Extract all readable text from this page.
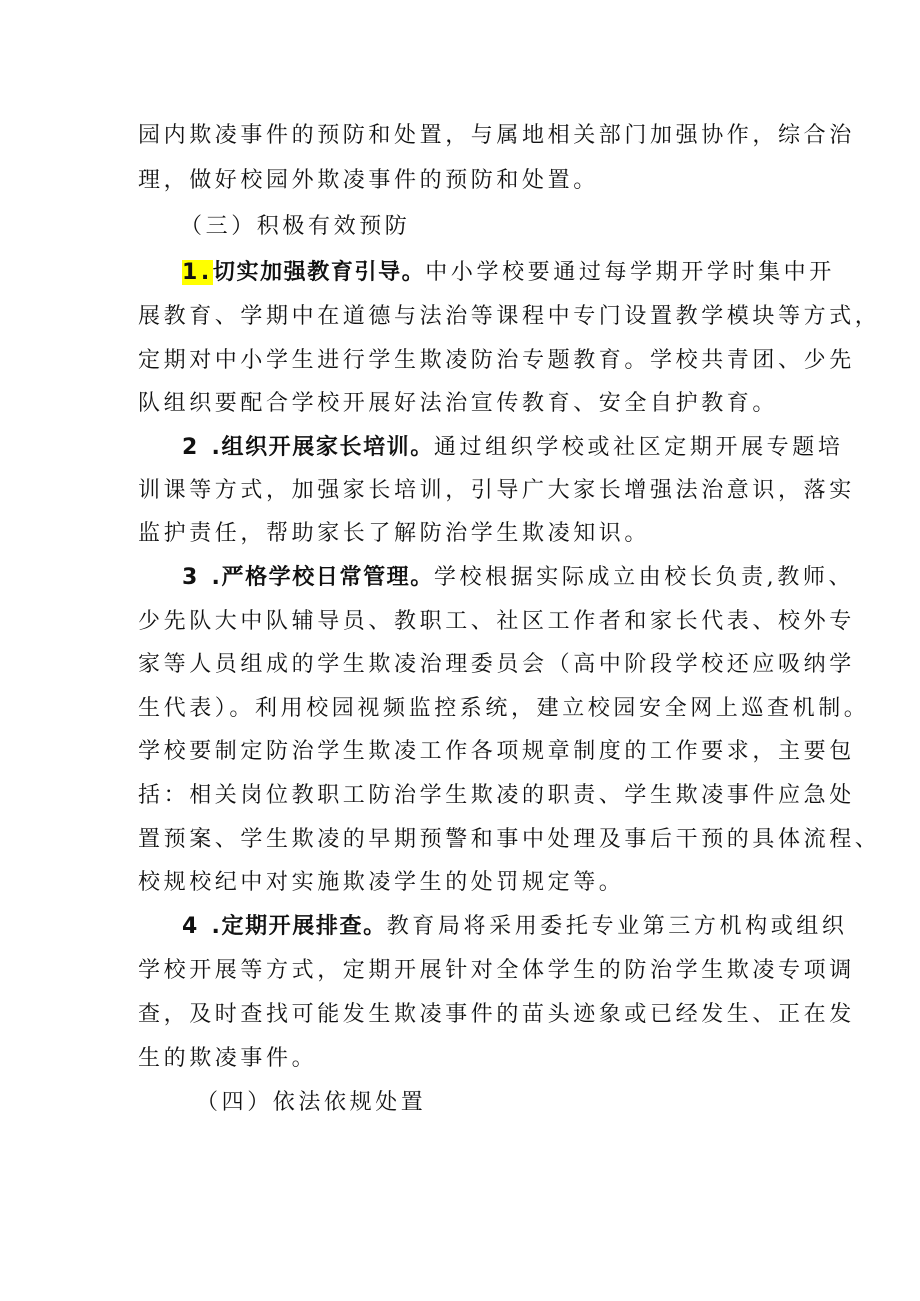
园内欺凌事件的预防和处置，与属地相关部门加强协作，综合治
理，做好校园外欺凌事件的预防和处置。
（三）积极有效预防
1.切实加强教育引导。中小学校要通过每学期开学时集中开
展教育、学期中在道德与法治等课程中专门设置教学模块等方式，
定期对中小学生进行学生欺凌防治专题教育。学校共青团、少先
队组织要配合学校开展好法治宣传教育、安全自护教育。
2 .组织开展家长培训。通过组织学校或社区定期开展专题培
训课等方式，加强家长培训，引导广大家长增强法治意识，落实
监护责任，帮助家长了解防治学生欺凌知识。
3 .严格学校日常管理。学校根据实际成立由校长负责,教师、
少先队大中队辅导员、教职工、社区工作者和家长代表、校外专
家等人员组成的学生欺凌治理委员会（高中阶段学校还应吸纳学
生代表）。利用校园视频监控系统，建立校园安全网上巡查机制。
学校要制定防治学生欺凌工作各项规章制度的工作要求，主要包
括：相关岗位教职工防治学生欺凌的职责、学生欺凌事件应急处
置预案、学生欺凌的早期预警和事中处理及事后干预的具体流程、
校规校纪中对实施欺凌学生的处罚规定等。
4 .定期开展排查。教育局将采用委托专业第三方机构或组织
学校开展等方式，定期开展针对全体学生的防治学生欺凌专项调
查，及时查找可能发生欺凌事件的苗头迹象或已经发生、正在发
生的欺凌事件。
（四）依法依规处置
